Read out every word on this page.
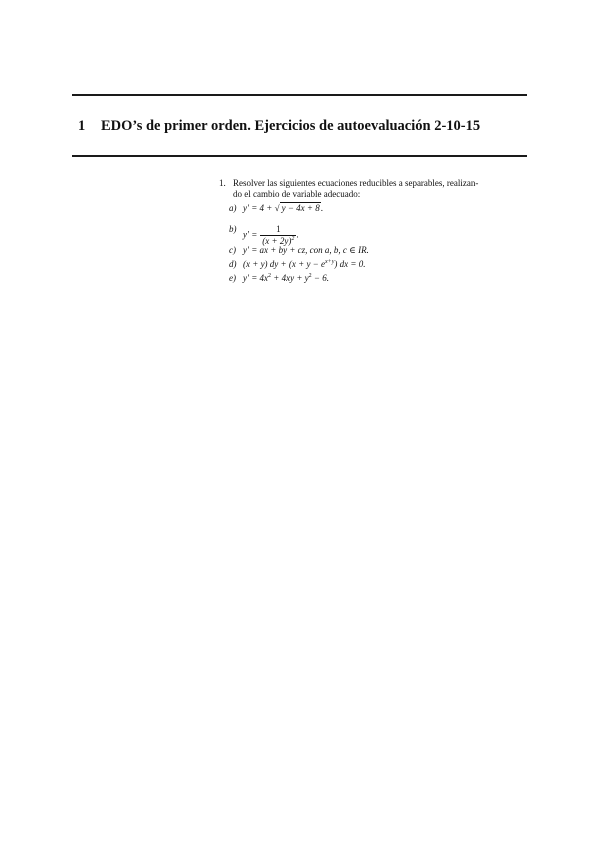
1 EDO’s de primer orden. Ejercicios de autoevaluación 2-10-15
1. Resolver las siguientes ecuaciones reducibles a separables, realizan-
do el cambio de variable adecuado:
a) y′ = 4 + √ y − 4x + 8.
b)
$y' = \frac{1}{(x + 2y)^2}$ .
c) y′ = ax + by + cz, con a, b, c ∈ IR.
d) (x + y) dy + $(x + y - e^{x+y})$ dx = 0.
e) $y' = 4x^2 + 4xy + y^2 - 6$.
